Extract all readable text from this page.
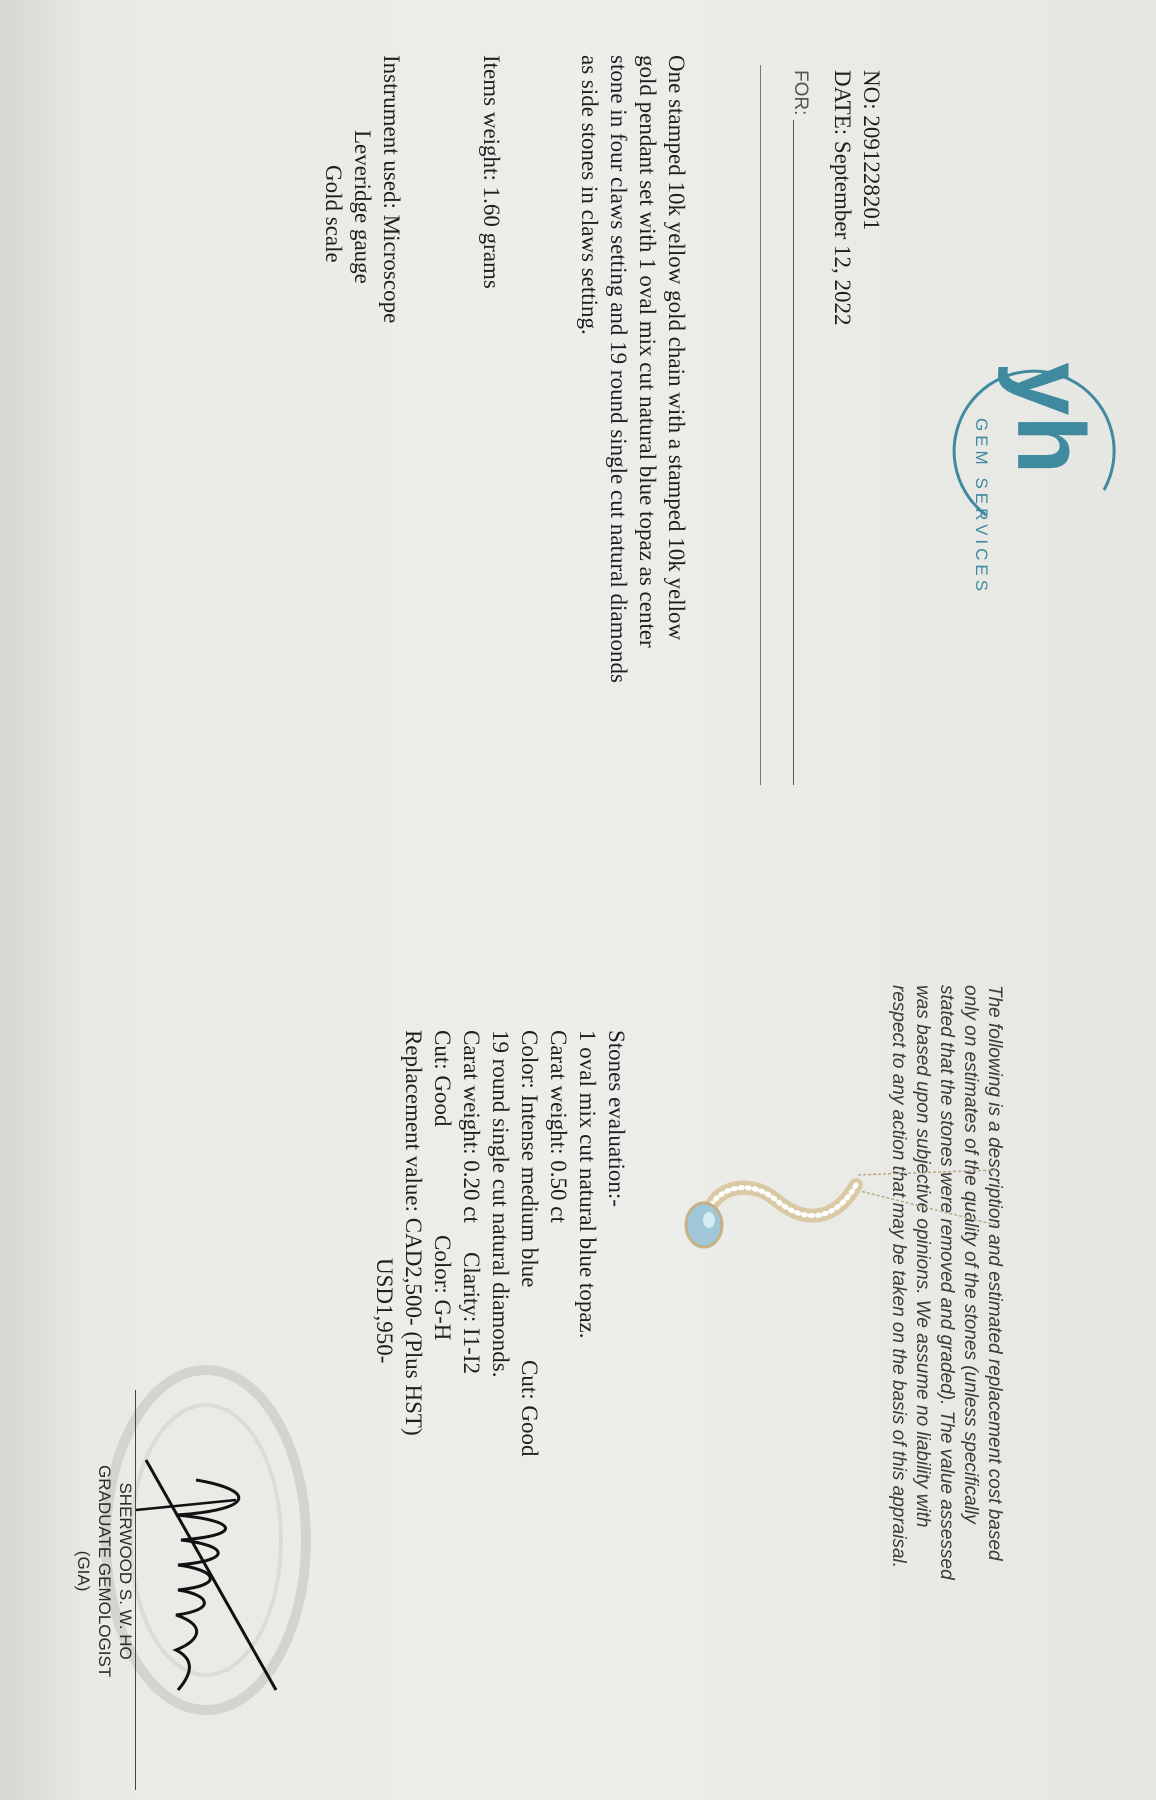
yh
GEM SERVICES
The following is a description and estimated replacement cost based
only on estimates of the quality of the stones (unless specifically
stated that the stones were removed and graded). The value assessed
was based upon subjective opinions. We assume no liability with
respect to any action that may be taken on the basis of this appraisal.
NO: 2091228201
DATE: September 12, 2022
FOR:
One stamped 10k yellow gold chain with a stamped 10k yellow
gold pendant set with 1 oval mix cut natural blue topaz as center
stone in four claws setting and 19 round single cut natural diamonds
as side stones in claws setting.
Items weight: 1.60 grams
Instrument used: Microscope
Leveridge gauge
Gold scale
Stones evaluation:-
1 oval mix cut natural blue topaz.
Carat weight: 0.50 ct
Color: Intense medium blueCut: Good
19 round single cut natural diamonds.
Carat weight: 0.20 ctClarity: I1-I2
Cut: GoodColor: G-H
Replacement value: CAD2,500- (Plus HST)
USD1,950-
SHERWOOD S. W. HO
GRADUATE GEMOLOGIST
(GIA)
